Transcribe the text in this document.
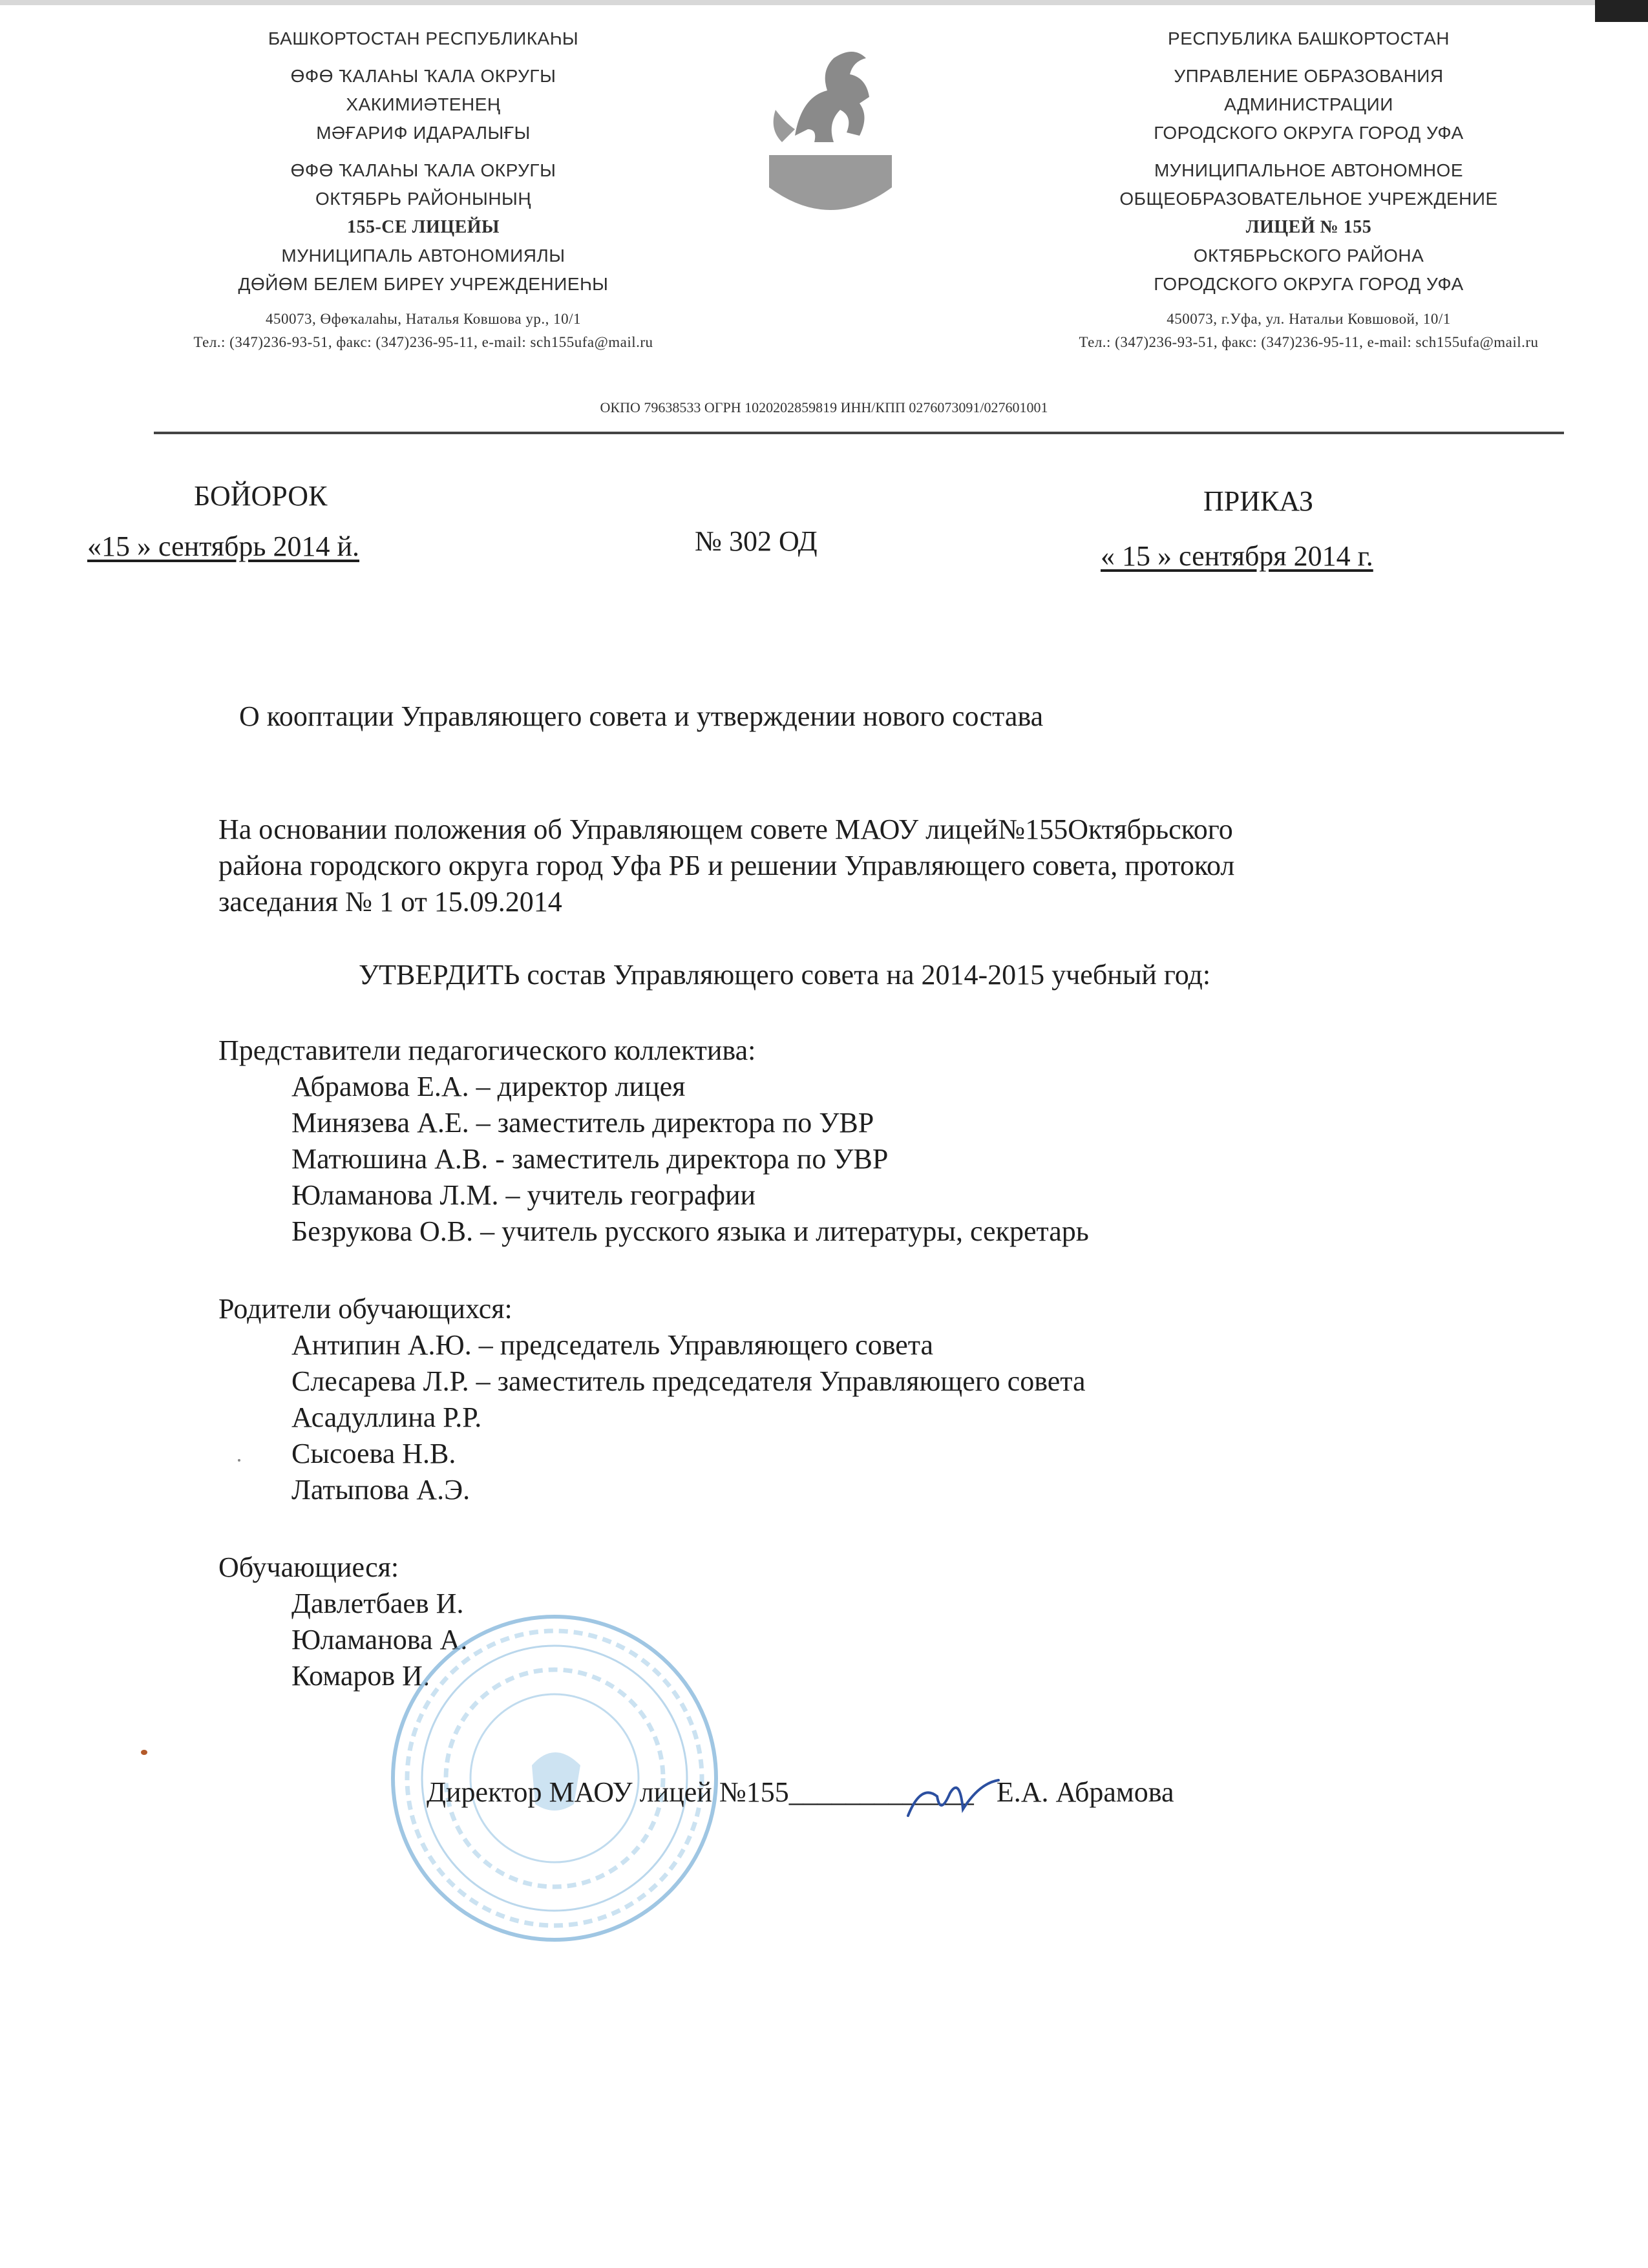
БАШКОРТОСТАН РЕСПУБЛИКАҺЫ
ӨФӨ ҠАЛАҺЫ ҠАЛА ОКРУГЫ
ХАКИМИӘТЕНЕҢ
МӘҒАРИФ ИДАРАЛЫҒЫ
ӨФӨ ҠАЛАҺЫ ҠАЛА ОКРУГЫ
ОКТЯБРЬ РАЙОНЫНЫҢ
155-СЕ ЛИЦЕЙЫ
МУНИЦИПАЛЬ АВТОНОМИЯЛЫ
ДӨЙӨМ БЕЛЕМ БИРЕҮ УЧРЕЖДЕНИЕҺЫ
450073, Өфөҡалаһы, Наталья Ковшова ур., 10/1
Тел.: (347)236-93-51, факс: (347)236-95-11, e-mail: sch155ufa@mail.ru
РЕСПУБЛИКА БАШКОРТОСТАН
УПРАВЛЕНИЕ ОБРАЗОВАНИЯ
АДМИНИСТРАЦИИ
ГОРОДСКОГО ОКРУГА ГОРОД УФА
МУНИЦИПАЛЬНОЕ АВТОНОМНОЕ
ОБЩЕОБРАЗОВАТЕЛЬНОЕ УЧРЕЖДЕНИЕ
ЛИЦЕЙ № 155
ОКТЯБРЬСКОГО РАЙОНА
ГОРОДСКОГО ОКРУГА ГОРОД УФА
450073, г.Уфа, ул. Натальи Ковшовой, 10/1
Тел.: (347)236-93-51, факс: (347)236-95-11, e-mail: sch155ufa@mail.ru
ОКПО 79638533 ОГРН 1020202859819 ИНН/КПП 0276073091/027601001
БОЙОРОК
«15 » сентябрь 2014 й.	№ 302 ОД
ПРИКАЗ
« 15 » сентября 2014 г.
О кооптации Управляющего совета и утверждении нового состава
На основании положения об Управляющем совете МАОУ лицей№155Октябрьского
района городского округа город Уфа РБ и решении Управляющего совета, протокол
заседания № 1 от 15.09.2014
УТВЕРДИТЬ состав Управляющего совета на 2014-2015 учебный год:
Представители педагогического коллектива:
Абрамова Е.А. – директор лицея
Минязева А.Е. – заместитель директора по УВР
Матюшина А.В. - заместитель директора по УВР
Юламанова Л.М. – учитель географии
Безрукова О.В. – учитель русского языка и литературы, секретарь
Родители обучающихся:
Антипин А.Ю. – председатель Управляющего совета
Слесарева Л.Р. – заместитель председателя Управляющего совета
Асадуллина Р.Р.
Сысоева Н.В.
Латыпова А.Э.
Обучающиеся:
Давлетбаев И.
Юламанова А.
Комаров И.
Директор МАОУ лицей №155_____________ Е.А. Абрамова
